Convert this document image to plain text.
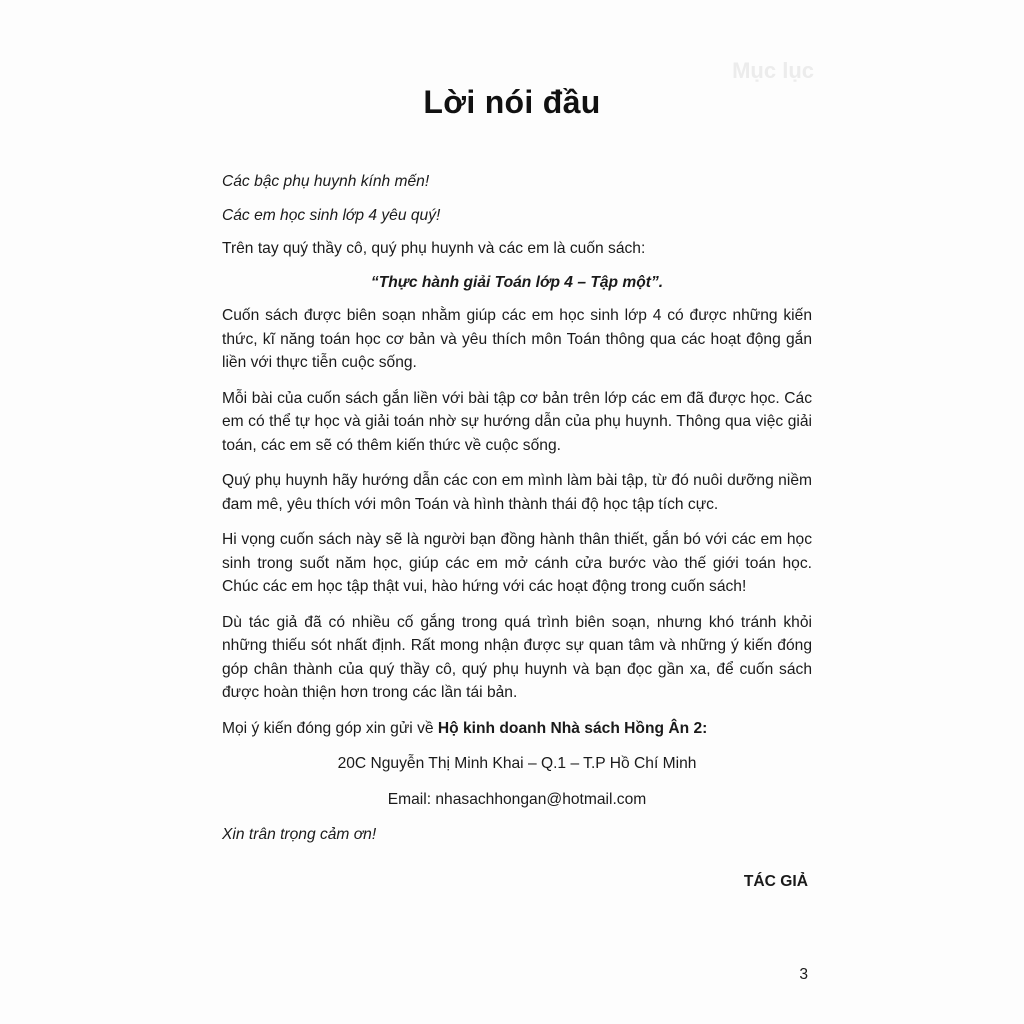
Mục lục
Lời nói đầu

Các bậc phụ huynh kính mến!

Các em học sinh lớp 4 yêu quý!

Trên tay quý thầy cô, quý phụ huynh và các em là cuốn sách:

“Thực hành giải Toán lớp 4 – Tập một”.

Cuốn sách được biên soạn nhằm giúp các em học sinh lớp 4 có được những kiến thức, kĩ năng toán học cơ bản và yêu thích môn Toán thông qua các hoạt động gắn liền với thực tiễn cuộc sống.

Mỗi bài của cuốn sách gắn liền với bài tập cơ bản trên lớp các em đã được học. Các em có thể tự học và giải toán nhờ sự hướng dẫn của phụ huynh. Thông qua việc giải toán, các em sẽ có thêm kiến thức về cuộc sống.

Quý phụ huynh hãy hướng dẫn các con em mình làm bài tập, từ đó nuôi dưỡng niềm đam mê, yêu thích với môn Toán và hình thành thái độ học tập tích cực.

Hi vọng cuốn sách này sẽ là người bạn đồng hành thân thiết, gắn bó với các em học sinh trong suốt năm học, giúp các em mở cánh cửa bước vào thế giới toán học. Chúc các em học tập thật vui, hào hứng với các hoạt động trong cuốn sách!

Dù tác giả đã có nhiều cố gắng trong quá trình biên soạn, nhưng khó tránh khỏi những thiếu sót nhất định. Rất mong nhận được sự quan tâm và những ý kiến đóng góp chân thành của quý thầy cô, quý phụ huynh và bạn đọc gần xa, để cuốn sách được hoàn thiện hơn trong các lần tái bản.

Mọi ý kiến đóng góp xin gửi về Hộ kinh doanh Nhà sách Hồng Ân 2:

20C Nguyễn Thị Minh Khai – Q.1 – T.P Hồ Chí Minh

Email: nhasachhongan@hotmail.com

Xin trân trọng cảm ơn!

TÁC GIẢ
3
